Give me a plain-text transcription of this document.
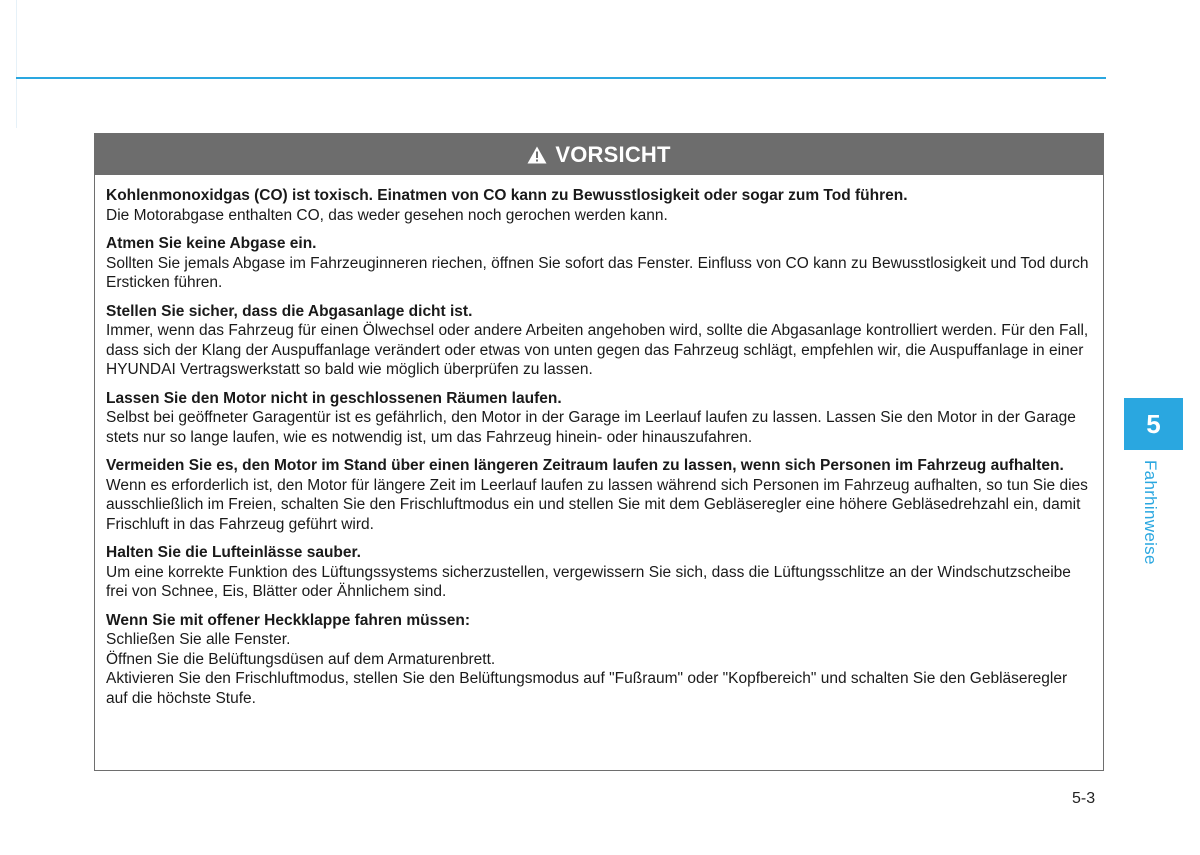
VORSICHT
Kohlenmonoxidgas (CO) ist toxisch. Einatmen von CO kann zu Bewusstlosigkeit oder sogar zum Tod führen.
Die Motorabgase enthalten CO, das weder gesehen noch gerochen werden kann.
Atmen Sie keine Abgase ein.
Sollten Sie jemals Abgase im Fahrzeuginneren riechen, öffnen Sie sofort das Fenster. Einfluss von CO kann zu Bewusstlosigkeit und Tod durch Ersticken führen.
Stellen Sie sicher, dass die Abgasanlage dicht ist.
Immer, wenn das Fahrzeug für einen Ölwechsel oder andere Arbeiten angehoben wird, sollte die Abgasanlage kontrolliert werden. Für den Fall, dass sich der Klang der Auspuffanlage verändert oder etwas von unten gegen das Fahrzeug schlägt, empfehlen wir, die Auspuffanlage in einer HYUNDAI Vertragswerkstatt so bald wie möglich überprüfen zu lassen.
Lassen Sie den Motor nicht in geschlossenen Räumen laufen.
Selbst bei geöffneter Garagentür ist es gefährlich, den Motor in der Garage im Leerlauf laufen zu lassen. Lassen Sie den Motor in der Garage stets nur so lange laufen, wie es notwendig ist, um das Fahrzeug hinein- oder hinauszufahren.
Vermeiden Sie es, den Motor im Stand über einen längeren Zeitraum laufen zu lassen, wenn sich Personen im Fahrzeug aufhalten.
Wenn es erforderlich ist, den Motor für längere Zeit im Leerlauf laufen zu lassen während sich Personen im Fahrzeug aufhalten, so tun Sie dies ausschließlich im Freien, schalten Sie den Frischluftmodus ein und stellen Sie mit dem Gebläseregler eine höhere Gebläsedrehzahl ein, damit Frischluft in das Fahrzeug geführt wird.
Halten Sie die Lufteinlässe sauber.
Um eine korrekte Funktion des Lüftungssystems sicherzustellen, vergewissern Sie sich, dass die Lüftungsschlitze an der Windschutzscheibe frei von Schnee, Eis, Blätter oder Ähnlichem sind.
Wenn Sie mit offener Heckklappe fahren müssen:
Schließen Sie alle Fenster.
Öffnen Sie die Belüftungsdüsen auf dem Armaturenbrett.
Aktivieren Sie den Frischluftmodus, stellen Sie den Belüftungsmodus auf "Fußraum" oder "Kopfbereich" und schalten Sie den Gebläseregler auf die höchste Stufe.
5
Fahrhinweise
5-3
